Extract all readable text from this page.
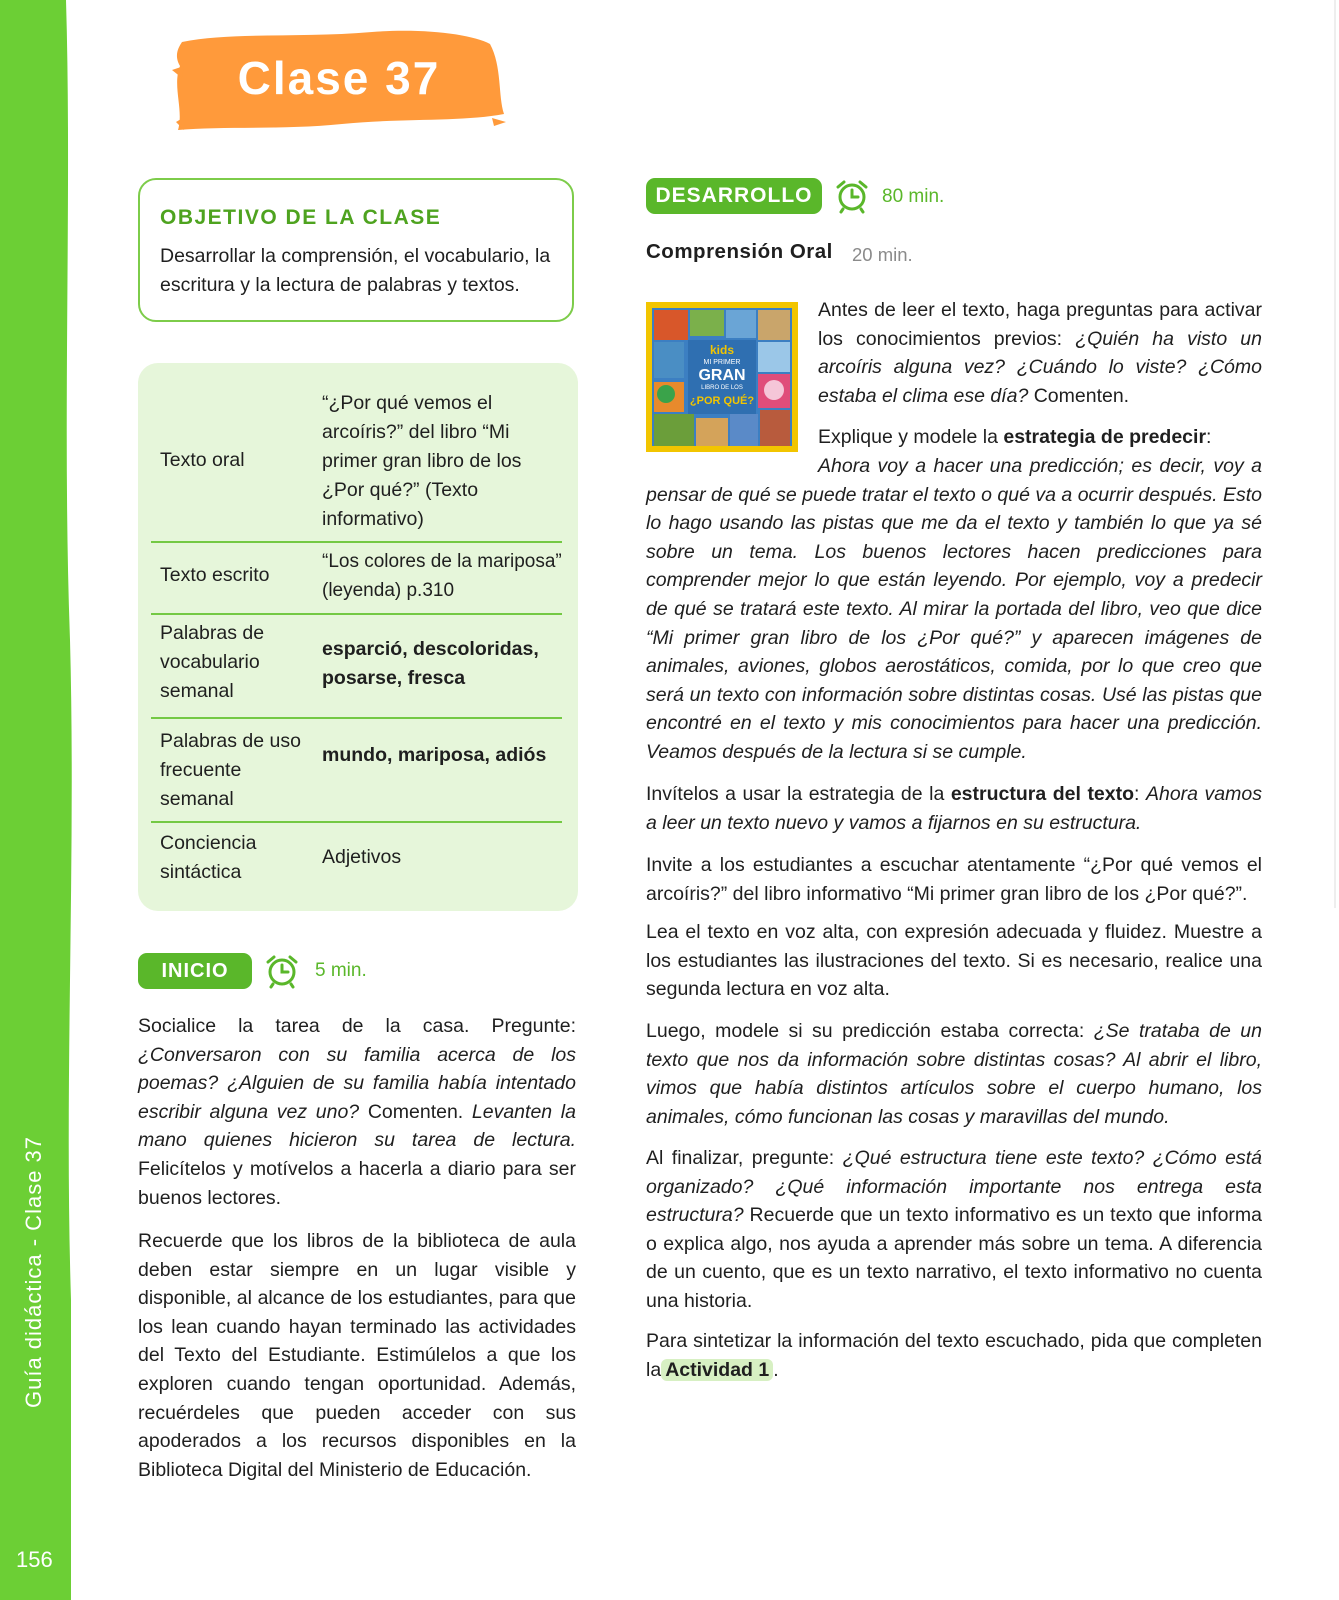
Guía didáctica - Clase 37
156
Clase 37
OBJETIVO DE LA CLASE
Desarrollar la comprensión, el vocabulario, la escritura y la lectura de palabras y textos.
Texto oral
“¿Por qué vemos el arcoíris?” del libro “Mi primer gran libro de los ¿Por qué?” (Texto informativo)
Texto escrito
“Los colores de la mariposa” (leyenda) p.310
Palabras de vocabulario semanal
esparció, descoloridas, posarse, fresca
Palabras de uso frecuente semanal
mundo, mariposa, adiós
Conciencia sintáctica
Adjetivos
INICIO	5 min.

Socialice la tarea de la casa. Pregunte: ¿Conversaron con su familia acerca de los poemas? ¿Alguien de su familia había intentado escribir alguna vez uno? Comenten. Levanten la mano quienes hicieron su tarea de lectura. Felicítelos y motívelos a hacerla a diario para ser buenos lectores.

Recuerde que los libros de la biblioteca de aula deben estar siempre en un lugar visible y disponible, al alcance de los estudiantes, para que los lean cuando hayan terminado las actividades del Texto del Estudiante. Estimúlelos a que los exploren cuando tengan oportunidad. Además, recuérdeles que pueden acceder con sus apoderados a los recursos disponibles en la Biblioteca Digital del Ministerio de Educación.

DESARROLLO	80 min.
Comprensión Oral 20 min.
kids
MI PRIMER
GRAN
LIBRO DE LOS
¿POR QUÉ?

Antes de leer el texto, haga preguntas para activar los conocimientos previos: ¿Quién ha visto un arcoíris alguna vez? ¿Cuándo lo viste? ¿Cómo estaba el clima ese día? Comenten.

Explique y modele la estrategia de predecir:

Ahora voy a hacer una predicción; es decir, voy a pensar de qué se puede tratar el texto o qué va a ocurrir después. Esto lo hago usando las pistas que me da el texto y también lo que ya sé sobre un tema. Los buenos lectores hacen predicciones para comprender mejor lo que están leyendo. Por ejemplo, voy a predecir de qué se tratará este texto. Al mirar la portada del libro, veo que dice “Mi primer gran libro de los ¿Por qué?” y aparecen imágenes de animales, aviones, globos aerostáticos, comida, por lo que creo que será un texto con información sobre distintas cosas. Usé las pistas que encontré en el texto y mis conocimientos para hacer una predicción. Veamos después de la lectura si se cumple.

Invítelos a usar la estrategia de la estructura del texto: Ahora vamos a leer un texto nuevo y vamos a fijarnos en su estructura.

Invite a los estudiantes a escuchar atentamente “¿Por qué vemos el arcoíris?” del libro informativo “Mi primer gran libro de los ¿Por qué?”.

Lea el texto en voz alta, con expresión adecuada y fluidez. Muestre a los estudiantes las ilustraciones del texto. Si es necesario, realice una segunda lectura en voz alta.

Luego, modele si su predicción estaba correcta: ¿Se trataba de un texto que nos da información sobre distintas cosas? Al abrir el libro, vimos que había distintos artículos sobre el cuerpo humano, los animales, cómo funcionan las cosas y maravillas del mundo.

Al finalizar, pregunte: ¿Qué estructura tiene este texto? ¿Cómo está organizado? ¿Qué información importante nos entrega esta estructura? Recuerde que un texto informativo es un texto que informa o explica algo, nos ayuda a aprender más sobre un tema. A diferencia de un cuento, que es un texto narrativo, el texto informativo no cuenta una historia.

Para sintetizar la información del texto escuchado, pida que completen la Actividad 1 .
